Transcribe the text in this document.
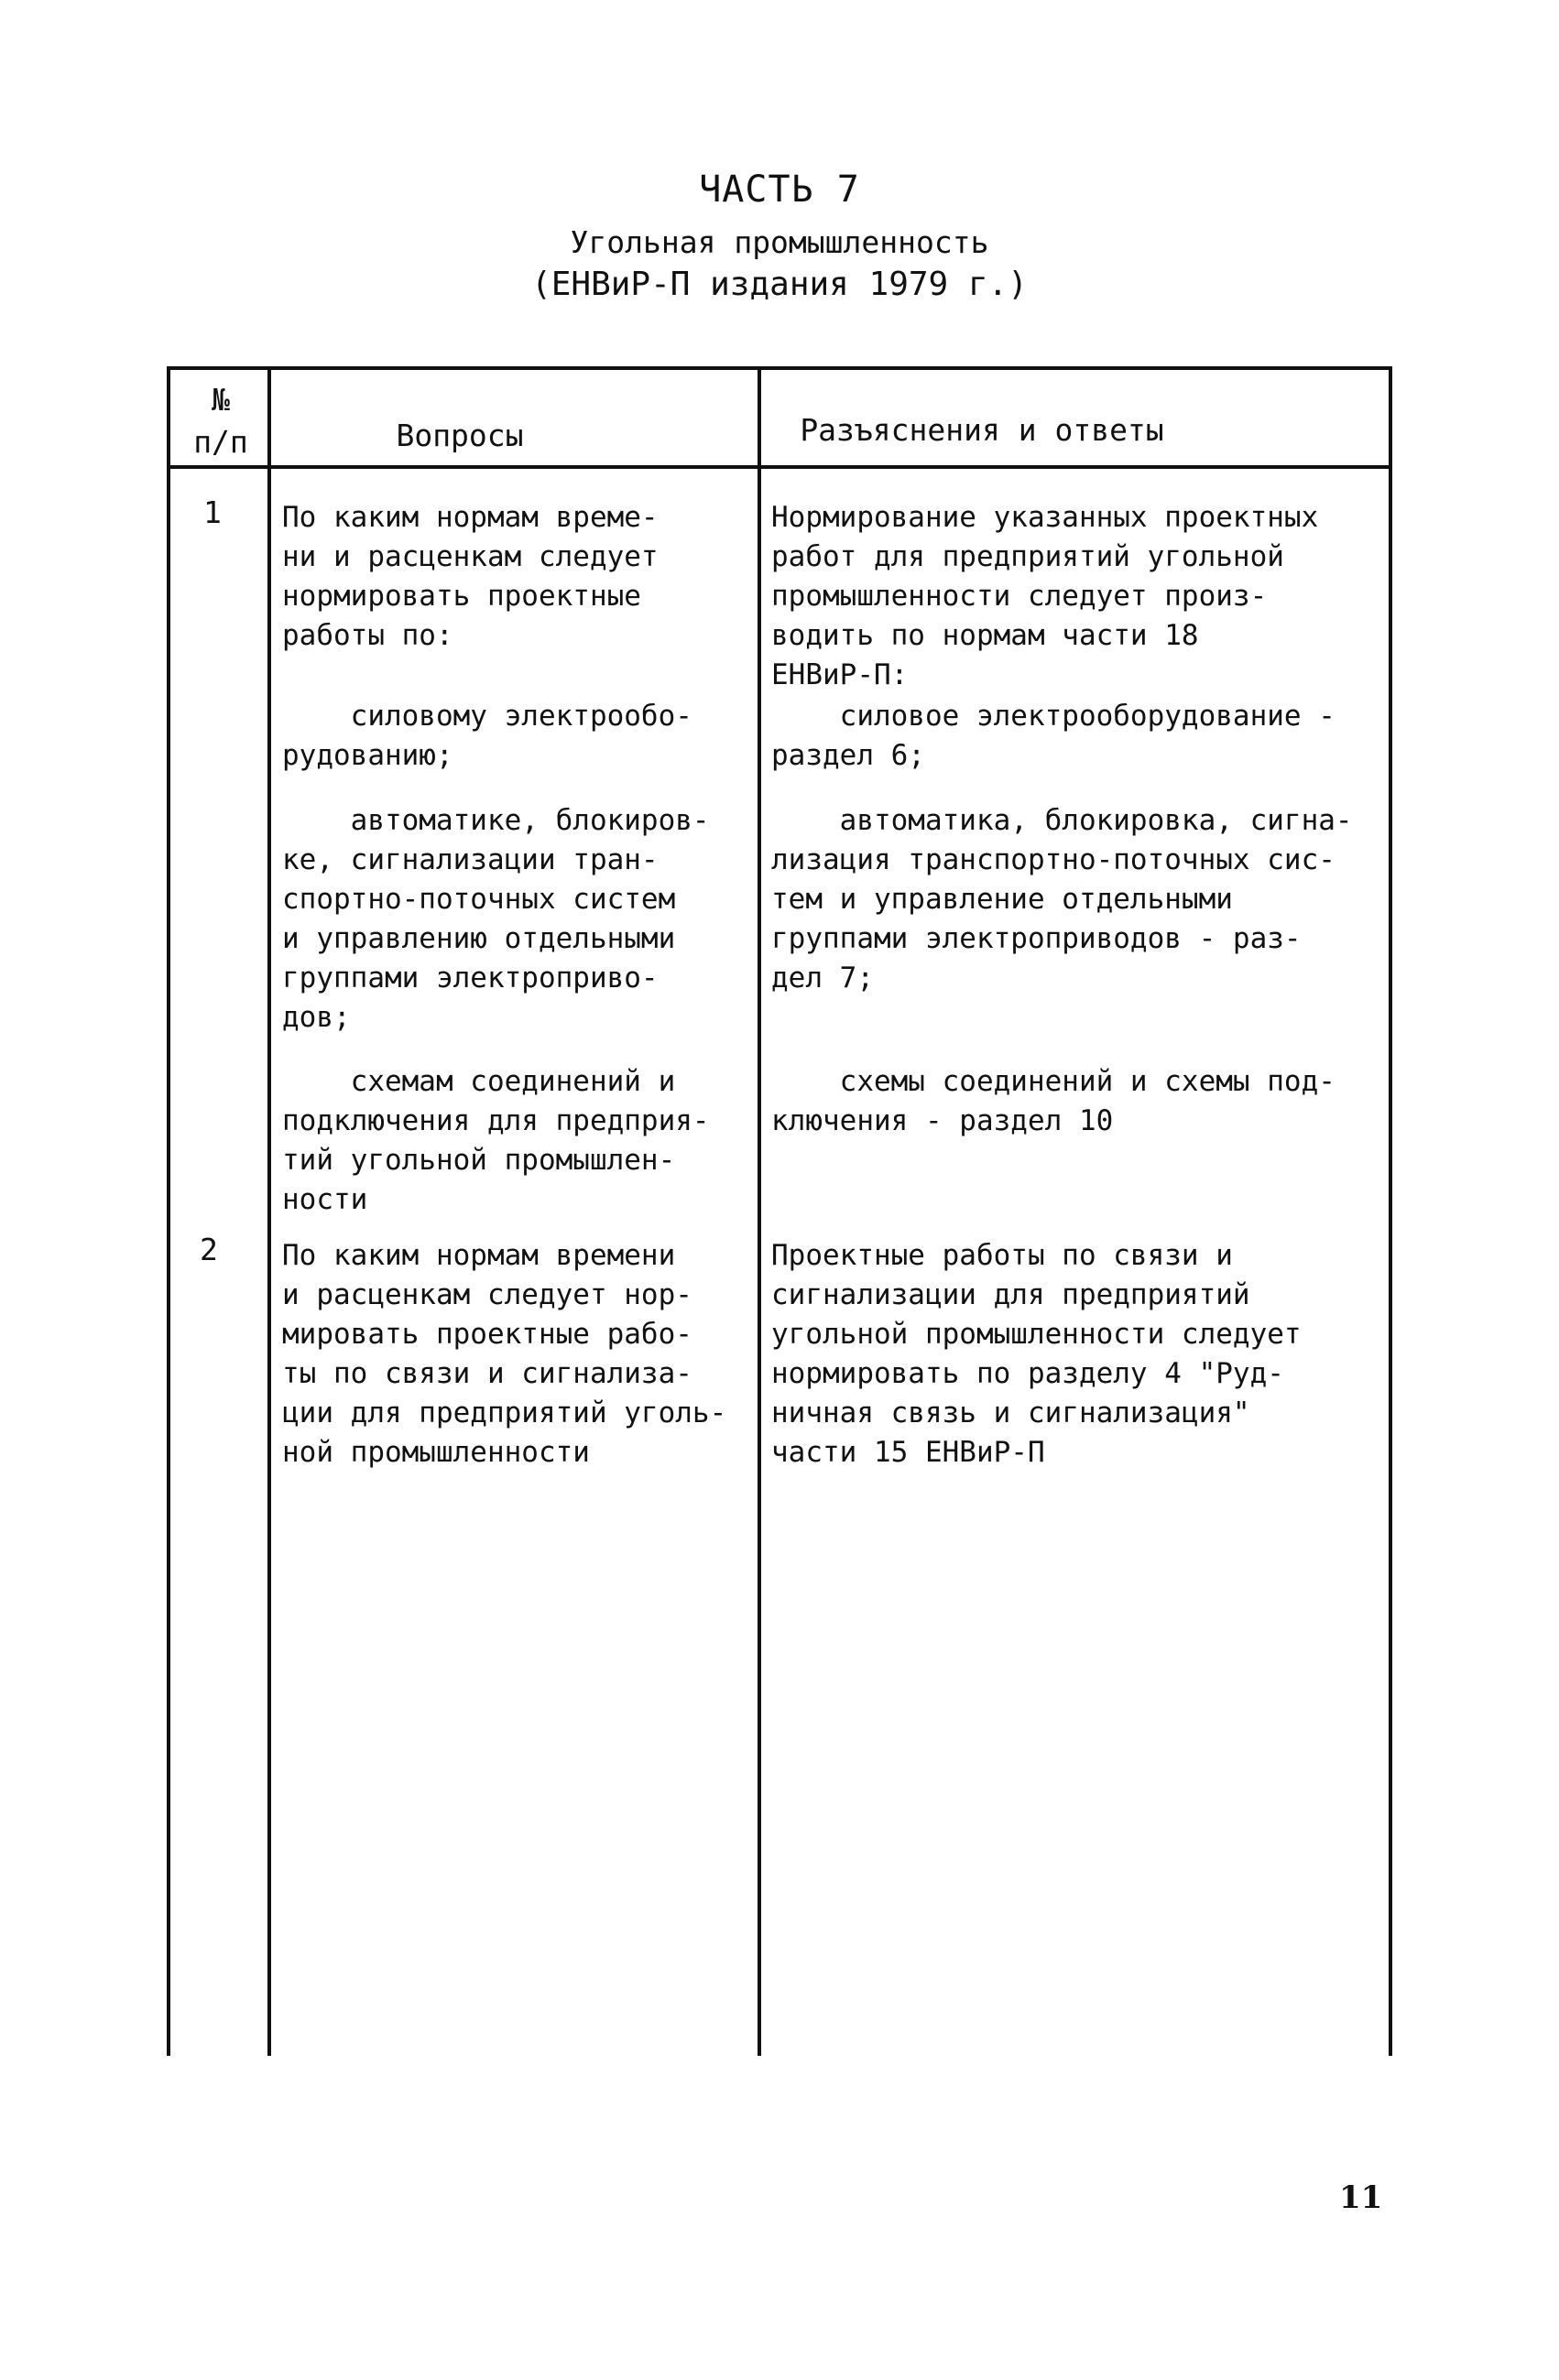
ЧАСТЬ 7
Угольная промышленность
(ЕНВиР-П издания 1979 г.)
№
п/п	Вопросы	Разъяснения и ответы
1 По каким нормам време-
ни и расценкам следует
нормировать проектные
работы по:
силовому электрообо-
рудованию;
автоматике, блокиров-
ке, сигнализации тран-
спортно-поточных систем
и управлению отдельными
группами электроприво-
дов;
схемам соединений и
подключения для предприя-
тий угольной промышлен-
ности
Нормирование указанных проектных
работ для предприятий угольной
промышленности следует произ-
водить по нормам части 18
ЕНВиР-П:
силовое электрооборудование -
раздел 6;
автоматика, блокировка, сигна-
лизация транспортно-поточных сис-
тем и управление отдельными
группами электроприводов - раз-
дел 7;
схемы соединений и схемы под-
ключения - раздел 10
2 По каким нормам времени
и расценкам следует нор-
мировать проектные рабо-
ты по связи и сигнализа-
ции для предприятий уголь-
ной промышленности
Проектные работы по связи и
сигнализации для предприятий
угольной промышленности следует
нормировать по разделу 4 "Руд-
ничная связь и сигнализация"
части 15 ЕНВиР-П
11
